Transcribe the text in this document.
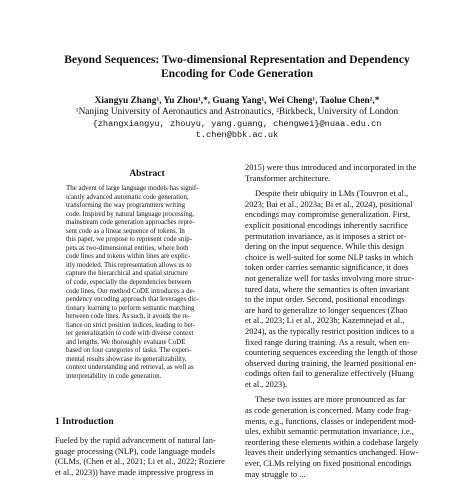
Beyond Sequences: Two-dimensional Representation and Dependency
Encoding for Code Generation
Xiangyu Zhang¹, Yu Zhou¹,*, Guang Yang¹, Wei Cheng¹, Taolue Chen²,*
¹Nanjing University of Aeronautics and Astronautics, ²Birkbeck, University of London
{zhangxiangyu, zhouyu, yang.guang, chengwei}@nuaa.edu.cn
t.chen@bbk.ac.uk
Abstract
The advent of large language models has signif-
icantly advanced automatic code generation,
transforming the way programmers writing
code. Inspired by natural language processing,
mainstream code generation approaches repre-
sent code as a linear sequence of tokens. In
this paper, we propose to represent code snip-
pets as two-dimensional entities, where both
code lines and tokens within lines are explic-
itly modeled. This representation allows us to
capture the hierarchical and spatial structure
of code, especially the dependencies between
code lines. Our method CoDE introduces a de-
pendency encoding approach that leverages dic-
tionary learning to perform semantic matching
between code lines. As such, it avoids the re-
liance on strict position indices, leading to bet-
ter generalization to code with diverse context
and lengths. We thoroughly evaluate CoDE
based on four categories of tasks. The experi-
mental results showcase its generalizability,
context understanding and retrieval, as well as
interpretability in code generation.
1 Introduction
Fueled by the rapid advancement of natural lan-
guage processing (NLP), code language models
(CLMs, (Chen et al., 2021; Li et al., 2022; Roziere
et al., 2023)) have made impressive progress in
2015) were thus introduced and incorporated in the
Transformer architecture.
Despite their ubiquity in LMs (Touvron et al.,
2023; Bai et al., 2023a; Bi et al., 2024), positional
encodings may compromise generalization. First,
explicit positional encodings inherently sacrifice
permutation invariance, as it imposes a strict or-
dering on the input sequence. While this design
choice is well-suited for some NLP tasks in which
token order carries semantic significance, it does
not generalize well for tasks involving more struc-
tured data, where the semantics is often invariant
to the input order. Second, positional encodings
are hard to generalize to longer sequences (Zhao
et al., 2023; Li et al., 2023b; Kazemnejad et al.,
2024), as the typically restrict position indices to a
fixed range during training. As a result, when en-
countering sequences exceeding the length of those
observed during training, the learned positional en-
codings often fail to generalize effectively (Huang
et al., 2023).
These two issues are more pronounced as far
as code generation is concerned. Many code frag-
ments, e.g., functions, classes or independent mod-
ules, exhibit semantic permutation invariance, i.e.,
reordering these elements within a codebase largely
leaves their underlying semantics unchanged. How-
ever, CLMs relying on fixed positional encodings
may struggle to ...
